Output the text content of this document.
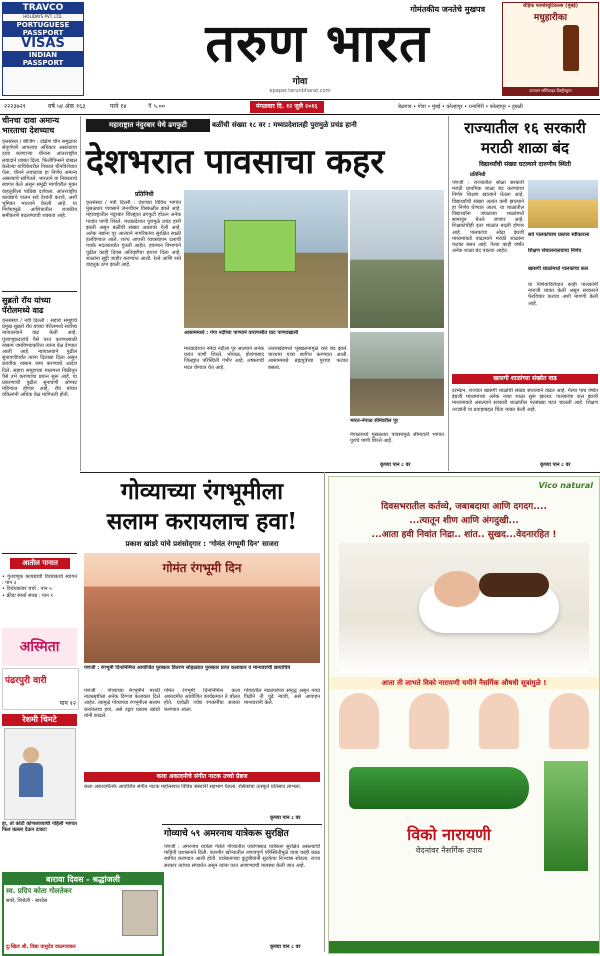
TRAVCO
HOLIDAYS PVT. LTD.
PORTUGUESE
PASSPORT
VISAS
INDIAN
PASSPORT
गोमंतकीय जनतेचे मुखपत्र
तरुण भारत
गोवा
epaper.tarunbharat.com
रोहिक फार्मास्युटिकल्स (मुंबई)
मधुहारीका
उत्पादन सर्टिफाइड डिस्ट्रीब्युटर
२२२३७२१	वर्ष ५४ अंक १६३	पाने १४	₹ ५.००	मंगळवार दि. १२ जुलै २०१६	बेळगाव • गोवा • मुंबई • कोल्हापूर • रत्नागिरी • कोल्हापूर • हुबळी
चीनचा दावा अमान्य भारताचा देशच्याच
वृत्तसंस्था / बीजिंग : दक्षिण चीन समुद्रावर संपूर्णपणे आपलाच अधिकार असल्याचा दावा करणाऱ्या चीनला आंतरराष्ट्रीय लवादाने धक्का दिला. फिलीपिन्सने दाखल केलेल्या याचिकेवरील निकाल चीनविरोधात गेला. चीनने लवादाचा हा निर्णय अमान्य असल्याचे सांगितले. भारताने या निकालाचे स्वागत केले असून समुद्री मार्गांवरील मुक्त वाहतुकीला पाठिंबा दर्शवला. आंतरराष्ट्रीय कायद्याचे पालन सर्व देशांनी करावे, अशी भूमिका भारताने घेतली आहे. या निर्णयामुळे आशियातील राजकीय समीकरणे बदलण्याची शक्यता आहे.
सुब्रतो रॉय यांच्या पॅरोलमध्ये वाढ
वृत्तसंस्था / नवी दिल्ली : सहारा समूहाचे प्रमुख सुब्रतो रॉय यांच्या पॅरोलमध्ये सर्वोच्च न्यायालयाने वाढ केली आहे. गुंतवणूकदारांचे पैसे परत करण्यासाठी रक्कम जमविण्याकरिता त्यांना वेळ देण्यात आली आहे. न्यायालयाने पुढील सुनावणीपर्यंत त्यांना दिलासा दिला असून ठरावीक रक्कम जमा करण्याचे आदेश दिले. सहारा समूहाच्या मालमत्ता विक्रीतून पैसे उभे करण्याचा प्रयत्न सुरू आहे. या प्रकरणाची पुढील सुनावणी ऑगस्ट महिन्यात होणार आहे. रॉय यांच्या वकिलांनी अधिक वेळ मागितली होती.
आतील पानात
• गुंतवणूक कायद्याची विधेयकाचे स्वागत : पान ३
• विधेयकांवर चर्चा : पान ५
• क्रीडा स्पर्धा संपन्न : पान ९
अस्मिता
पंढरपुरी वारी
पान १२
रेशमी चिमटे
हा, तो कोटी कोणलाव्याची पहिली भागात फिल कल्ला देऊन टाका!
बारावा दिवस - श्रद्धांजली
स्व. प्रदिप कोता गोलतेकर
सवरे, शिरोली - बारदेस
दु:खितः श्री. विद्या वासुदेव वाळगावकर
महाराष्ट्रात नंदुरबार येथे ढगफुटी	बळींची संख्या १८ वर : मध्यप्रदेशातही पुरामुळे प्रचंड हानी
देशभरात पावसाचा कहर
प्रतिनिधी
वृत्तसंस्था / नवी दिल्ली : देशाच्या विविध भागांत मुसळधार पावसाने जनजीवन विस्कळीत झाले आहे. महाराष्ट्रातील नंदुरबार जिल्ह्यात ढगफुटी होऊन अनेक गावांत पाणी शिरले. मध्यप्रदेशात पुरामुळे प्रचंड हानी झाली असून बळींची संख्या अठरावर गेली आहे. अनेक नद्यांना पूर आल्याने नागरिकांना सुरक्षित स्थळी हलविण्यात आले. राज्य आपत्ती व्यवस्थापन दलाची पथके मदतकार्यात गुंतली आहेत. हवामान विभागाने पुढील काही दिवस अतिवृष्टीचा इशारा दिला आहे. शाळांना सुट्टी जाहीर करण्यात आली. रेल्वे आणि रस्ते वाहतूक ठप्प झाली आहे.
आसाममध्ये : गंगा नदीच्या पाण्याने वाराणसीत घाट पाण्याखाली
मध्यप्रदेशात नर्मदा नदीला पूर आल्याने अनेक घरांत पाणी शिरले. भोपाळ, होशंगाबाद जिल्ह्यांत परिस्थिती गंभीर आहे. लष्कराची मदत घेण्यात येत आहे.
उत्तराखंडमध्ये भूस्खलनामुळे रस्ते बंद झाले. चारधाम यात्रा स्थगित करण्यात आली. आसाममध्ये ब्रह्मपुत्रेच्या पुराचा फटका बसला.
भारत-नेपाळ सीमेवरील पूर
नेपाळमध्ये मुसळधार पावसामुळे सीमावर्ती भागात पुराचे पाणी शिरले आहे.
कृपया पान ८ वर
राज्यातील १६ सरकारी
मराठी शाळा बंद
विद्यार्थ्यांची संख्या घटल्याने दारुणीय स्थिती
प्रतिनिधी
पणजी : राज्यातील सोळा सरकारी मराठी प्राथमिक शाळा बंद करण्याचा निर्णय शिक्षण खात्याने घेतला आहे. विद्यार्थ्यांची संख्या अत्यंत कमी झाल्याने हा निर्णय घेण्यात आला. या शाळांतील विद्यार्थ्यांना जवळच्या शाळांमध्ये सामावून घेतले जाणार आहे. शिक्षकांचीही इतर शाळांत बदली होणार आहे. पालकांचा ओढा इंग्रजी माध्यमाकडे वाढल्याने मराठी शाळांना फटका बसत आहे. गेल्या काही वर्षांत अनेक शाळा बंद पडल्या आहेत.
सर्व पालकांचाच प्रस्ताव स्वीकारला
शिक्षण संचालनालयाचा निर्णय
खासगी शाळांमध्ये पालकांचा कल
या निर्णयाविरोधात काही पालकांनी नाराजी व्यक्त केली असून सरकारने फेरविचार करावा अशी मागणी केली आहे.
खासगी शाळांच्या संख्येत वाढ
दरम्यान, राज्यात खासगी शाळांची संख्या सातत्याने वाढत आहे. गेल्या पाच वर्षांत इंग्रजी माध्यमाच्या अनेक नव्या शाळा सुरू झाल्या. पालकांचा कल इंग्रजी माध्यमाकडे असल्याने सरकारी शाळांतील पटसंख्या घटत चालली आहे. शिक्षण तज्ज्ञांनी या प्रवाहाबद्दल चिंता व्यक्त केली आहे.
कृपया पान ८ वर
गोव्याच्या रंगभूमीला
सलाम करायलाच हवा!
प्रकाश खांडरे यांचे प्रशंसोद्‌गार : ‘गोमंत रंगभूमी दिन’ साजरा
गोमंत रंगभूमी दिन
पणजी : रंगभूमी दिनानिमित्त आयोजित पुरस्कार वितरण सोहळ्यात पुरस्कार प्राप्त कलाकार व मान्यवरांची छायाचित्रे
पणजी : गोव्याच्या रंगभूमीने मराठी नाट्यसृष्टीला अनेक दिग्गज कलाकार दिले आहेत. त्यामुळे गोव्याच्या रंगभूमीला सलाम करायलाच हवा, असे उद्गार प्रकाश खांडरे यांनी काढले.
गोमंत रंगभूमी दिनानिमित्त कला अकादमीत आयोजित कार्यक्रमात ते बोलत होते. यावेळी ज्येष्ठ रंगकर्मींचा सत्कार करण्यात आला.
गोव्यातील नाट्यपरंपरा समृद्ध असून नव्या पिढीने ती पुढे न्यावी, असे आवाहन मान्यवरांनी केले.
कला अकादमीचे संगीत नाटक उच्चो प्रेष्ठज
कला अकादमीतर्फे आयोजित संगीत नाटक महोत्सवात विविध संस्थांनी सहभाग घेतला. रसिकांचा उत्स्फूर्त प्रतिसाद लाभला.
कृपया पान ८ वर
गोव्याचे ५९ अमरनाथ यात्रेकरू सुरक्षित
पणजी : अमरनाथ यात्रेला गेलेले गोव्यातील एकोणसाठ यात्रेकरू सुरक्षित असल्याची माहिती प्रशासनाने दिली. काश्मीर खोऱ्यातील तणावपूर्ण परिस्थितीमुळे यात्रा काही काळ स्थगित करण्यात आली होती. यात्रेकरूंच्या कुटुंबीयांनी सुटकेचा निःश्वास सोडला. राज्य सरकार त्यांच्या संपर्कात असून त्यांना परत आणण्याची व्यवस्था केली जात आहे.
कृपया पान ८ वर
Vico natural
दिवसभरातील कर्तव्ये, जबाबदाया आणि दगदग....
...त्यातून शीण आणि अंगदुखी...
...आता हवी निवांत निद्रा.. शांत.. सुखद...वेदनारहित !
आता ती लाभते विको नारायणी चमीने नैसर्गिक औषधी सूत्रांमुळे !
विको नारायणी
वेदनांवर नैसर्गिक उपाय
